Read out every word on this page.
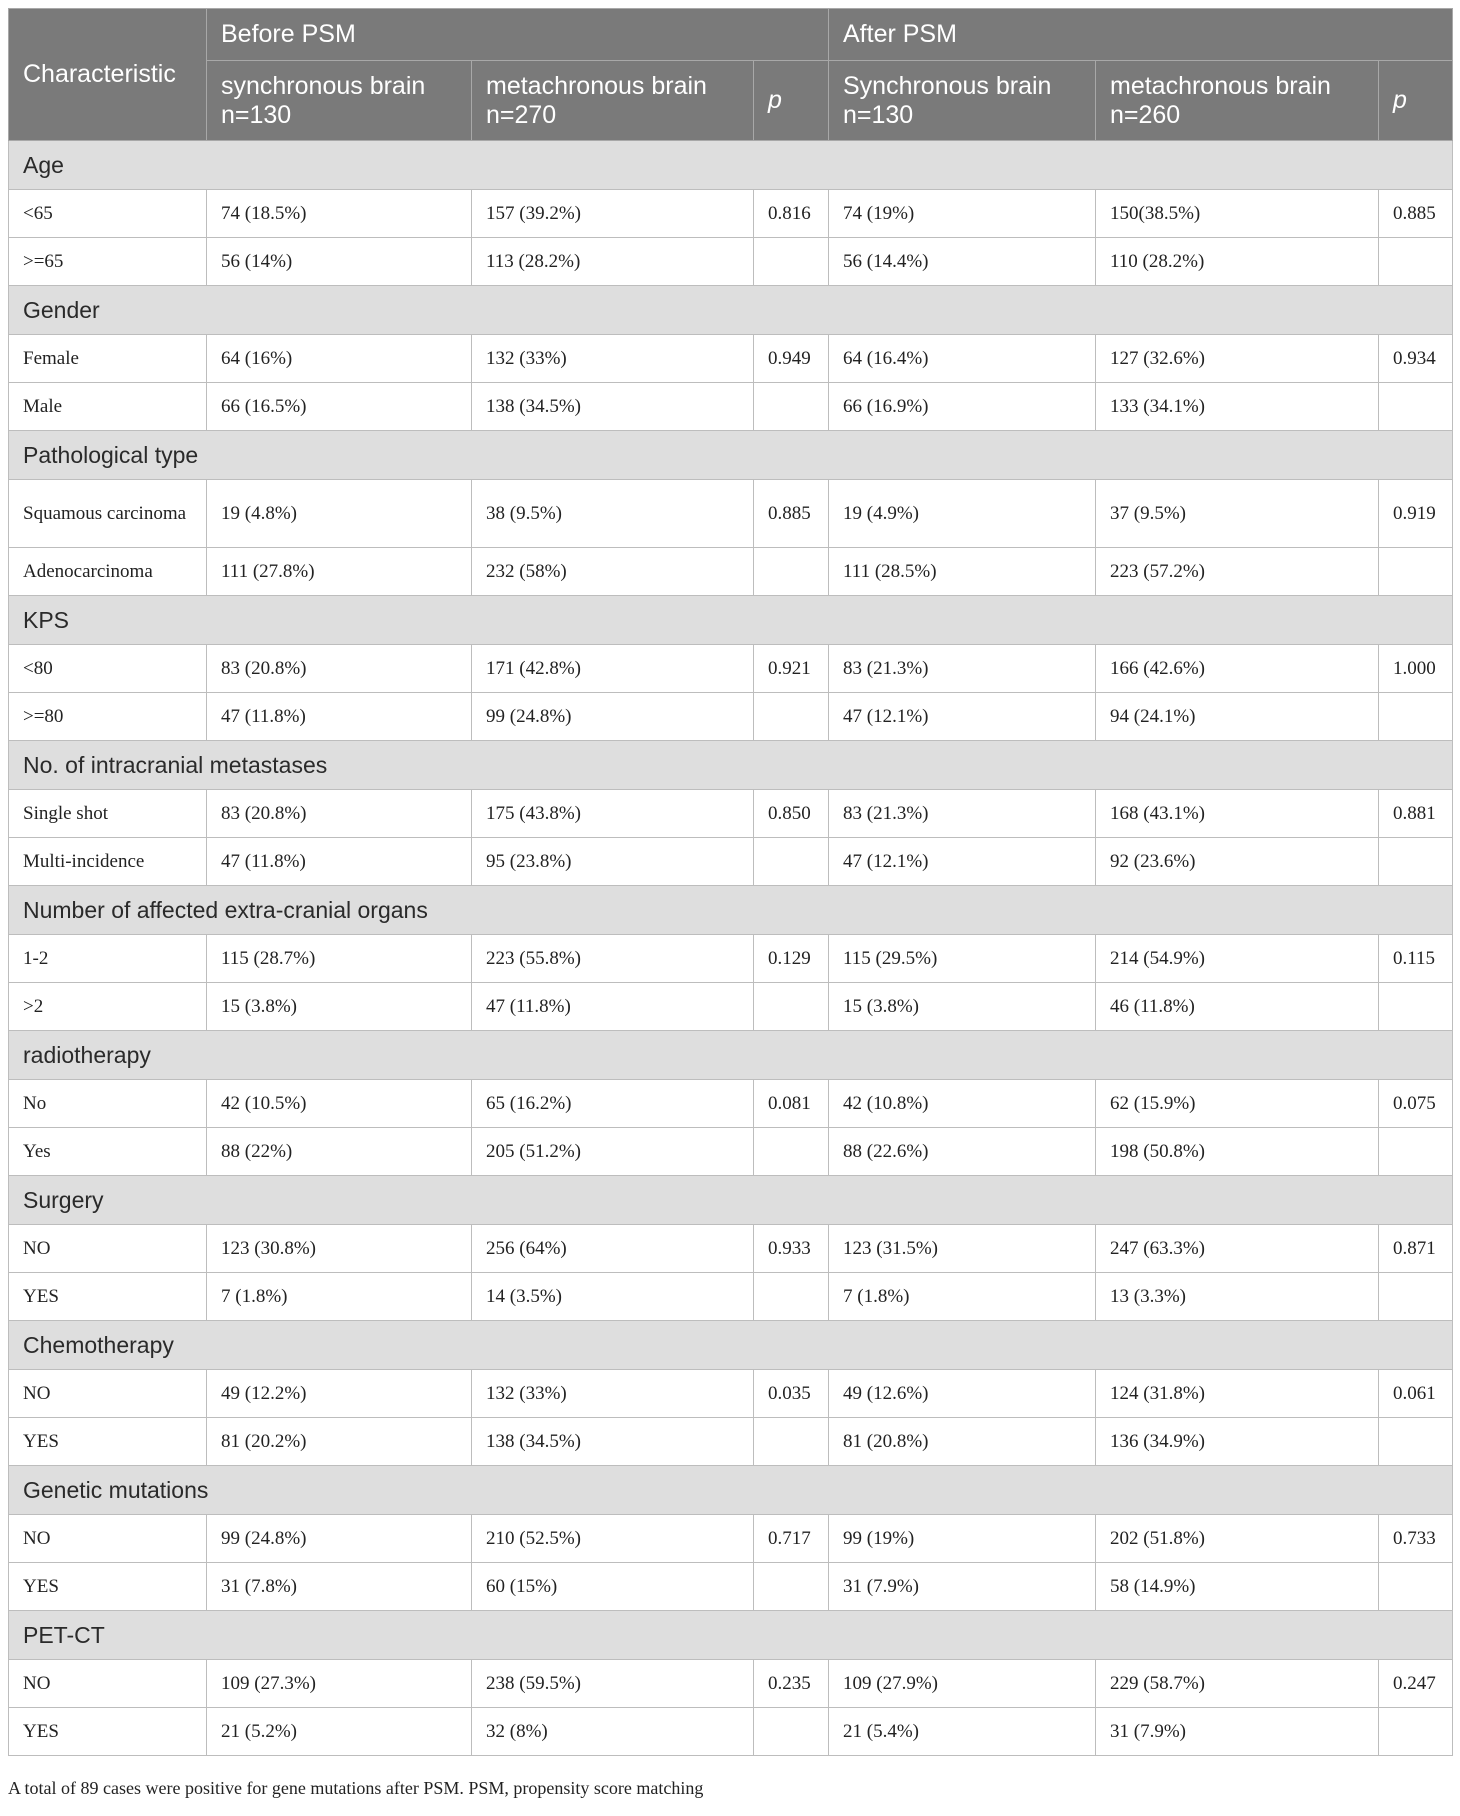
Characteristic	Before PSM			After PSM		
	synchronous brain n=130	metachronous brain n=270	p	Synchronous brain n=130	metachronous brain n=260	p
Age						
<65	74 (18.5%)	157 (39.2%)	0.816	74 (19%)	150(38.5%)	0.885
>=65	56 (14%)	113 (28.2%)		56 (14.4%)	110 (28.2%)	
Gender						
Female	64 (16%)	132 (33%)	0.949	64 (16.4%)	127 (32.6%)	0.934
Male	66 (16.5%)	138 (34.5%)		66 (16.9%)	133 (34.1%)	
Pathological type						
Squamous carcinoma	19 (4.8%)	38 (9.5%)	0.885	19 (4.9%)	37 (9.5%)	0.919
Adenocarcinoma	111 (27.8%)	232 (58%)		111 (28.5%)	223 (57.2%)	
KPS						
<80	83 (20.8%)	171 (42.8%)	0.921	83 (21.3%)	166 (42.6%)	1.000
>=80	47 (11.8%)	99 (24.8%)		47 (12.1%)	94 (24.1%)	
No. of intracranial metastases						
Single shot	83 (20.8%)	175 (43.8%)	0.850	83 (21.3%)	168 (43.1%)	0.881
Multi-incidence	47 (11.8%)	95 (23.8%)		47 (12.1%)	92 (23.6%)	
Number of affected extra-cranial organs						
1-2	115 (28.7%)	223 (55.8%)	0.129	115 (29.5%)	214 (54.9%)	0.115
>2	15 (3.8%)	47 (11.8%)		15 (3.8%)	46 (11.8%)	
radiotherapy						
No	42 (10.5%)	65 (16.2%)	0.081	42 (10.8%)	62 (15.9%)	0.075
Yes	88 (22%)	205 (51.2%)		88 (22.6%)	198 (50.8%)	
Surgery						
NO	123 (30.8%)	256 (64%)	0.933	123 (31.5%)	247 (63.3%)	0.871
YES	7 (1.8%)	14 (3.5%)		7 (1.8%)	13 (3.3%)	
Chemotherapy						
NO	49 (12.2%)	132 (33%)	0.035	49 (12.6%)	124 (31.8%)	0.061
YES	81 (20.2%)	138 (34.5%)		81 (20.8%)	136 (34.9%)	
Genetic mutations						
NO	99 (24.8%)	210 (52.5%)	0.717	99 (19%)	202 (51.8%)	0.733
YES	31 (7.8%)	60 (15%)		31 (7.9%)	58 (14.9%)	
PET-CT						
NO	109 (27.3%)	238 (59.5%)	0.235	109 (27.9%)	229 (58.7%)	0.247
YES	21 (5.2%)	32 (8%)		21 (5.4%)	31 (7.9%)	
A total of 89 cases were positive for gene mutations after PSM. PSM, propensity score matching
